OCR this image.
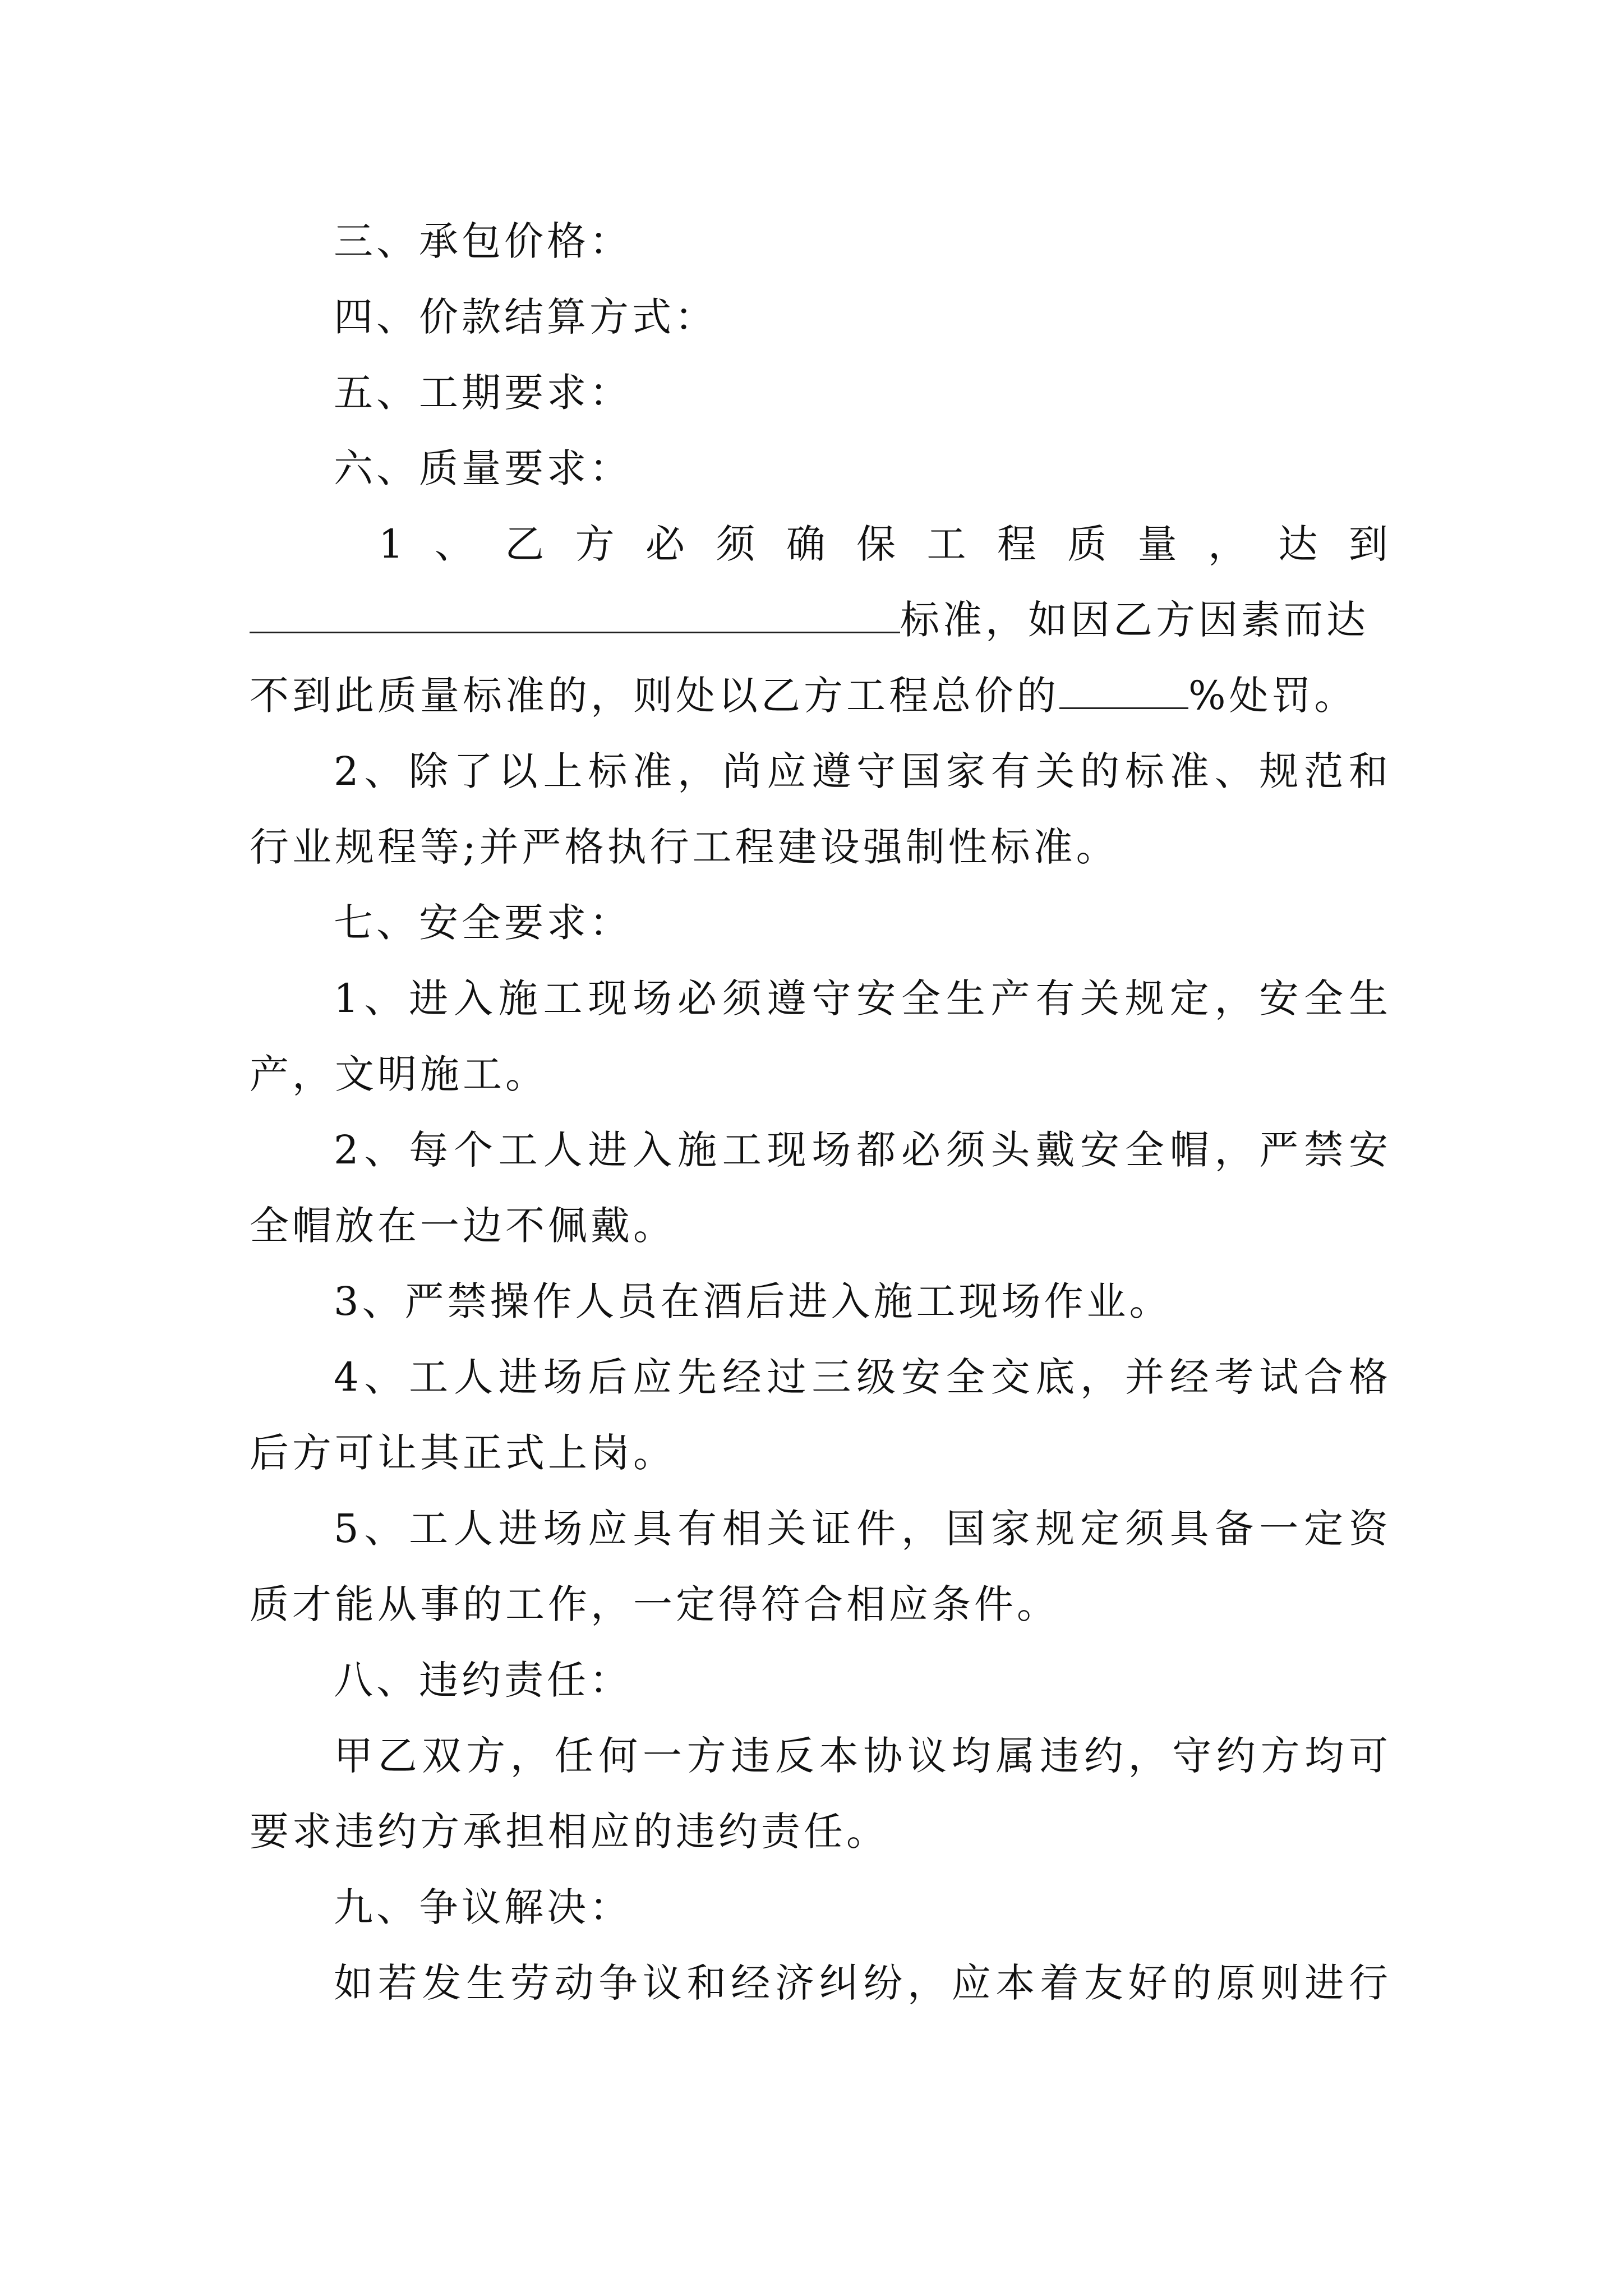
三、承包价格：
四、价款结算方式：
五、工期要求：
六、质量要求：
1 、 乙 方 必 须 确 保 工 程 质 量 ， 达 到
标准，如因乙方因素而达
不到此质量标准的，则处以乙方工程总价的	%处罚。
2、除了以上标准，尚应遵守国家有关的标准、规范和
行业规程等;并严格执行工程建设强制性标准。
七、安全要求：
1、进入施工现场必须遵守安全生产有关规定，安全生
产，文明施工。
2、每个工人进入施工现场都必须头戴安全帽，严禁安
全帽放在一边不佩戴。
3、严禁操作人员在酒后进入施工现场作业。
4、工人进场后应先经过三级安全交底，并经考试合格
后方可让其正式上岗。
5、工人进场应具有相关证件，国家规定须具备一定资
质才能从事的工作，一定得符合相应条件。
八、违约责任：
甲乙双方，任何一方违反本协议均属违约，守约方均可
要求违约方承担相应的违约责任。
九、争议解决：
如若发生劳动争议和经济纠纷，应本着友好的原则进行
